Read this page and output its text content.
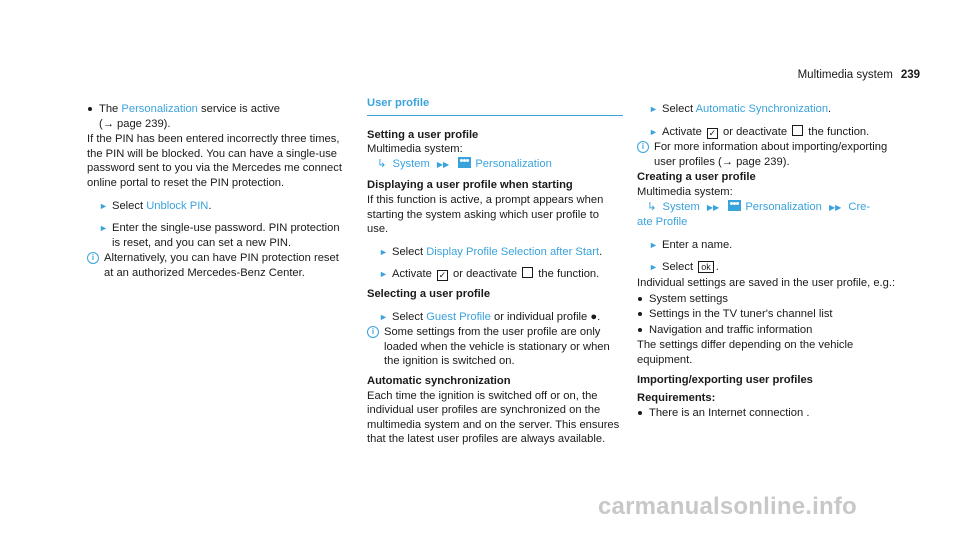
Multimedia system 239
The Personalization service is active
(→ page 239).
If the PIN has been entered incorrectly three times, the PIN will be blocked. You can have a single-use password sent to you via the Mercedes me connect online portal to reset the PIN protection.
► Select Unblock PIN.
► Enter the single-use password. PIN protection is reset, and you can set a new PIN.
i Alternatively, you can have PIN protection reset at an authorized Mercedes-Benz Center.
User profile
Setting a user profile
Multimedia system:
↳ System ▶▶ Personalization
Displaying a user profile when starting
If this function is active, a prompt appears when starting the system asking which user profile to use.
► Select Display Profile Selection after Start.
► Activate ✓ or deactivate  the function.
Selecting a user profile
► Select Guest Profile or individual profile ●.
i Some settings from the user profile are only loaded when the vehicle is stationary or when the ignition is switched on.
Automatic synchronization
Each time the ignition is switched off or on, the individual user profiles are synchronized on the multimedia system and on the server. This ensures that the latest user profiles are always available.
► Select Automatic Synchronization.
► Activate ✓ or deactivate  the function.
i For more information about importing/exporting user profiles (→ page 239).
Creating a user profile
Multimedia system:
↳ System ▶▶ Personalization ▶▶ Cre-
ate Profile
► Enter a name.
► Select ok .
Individual settings are saved in the user profile, e.g.:
System settings
Settings in the TV tuner's channel list
Navigation and traffic information
The settings differ depending on the vehicle equipment.
Importing/exporting user profiles
Requirements:
There is an Internet connection .
carmanualsonline.info
